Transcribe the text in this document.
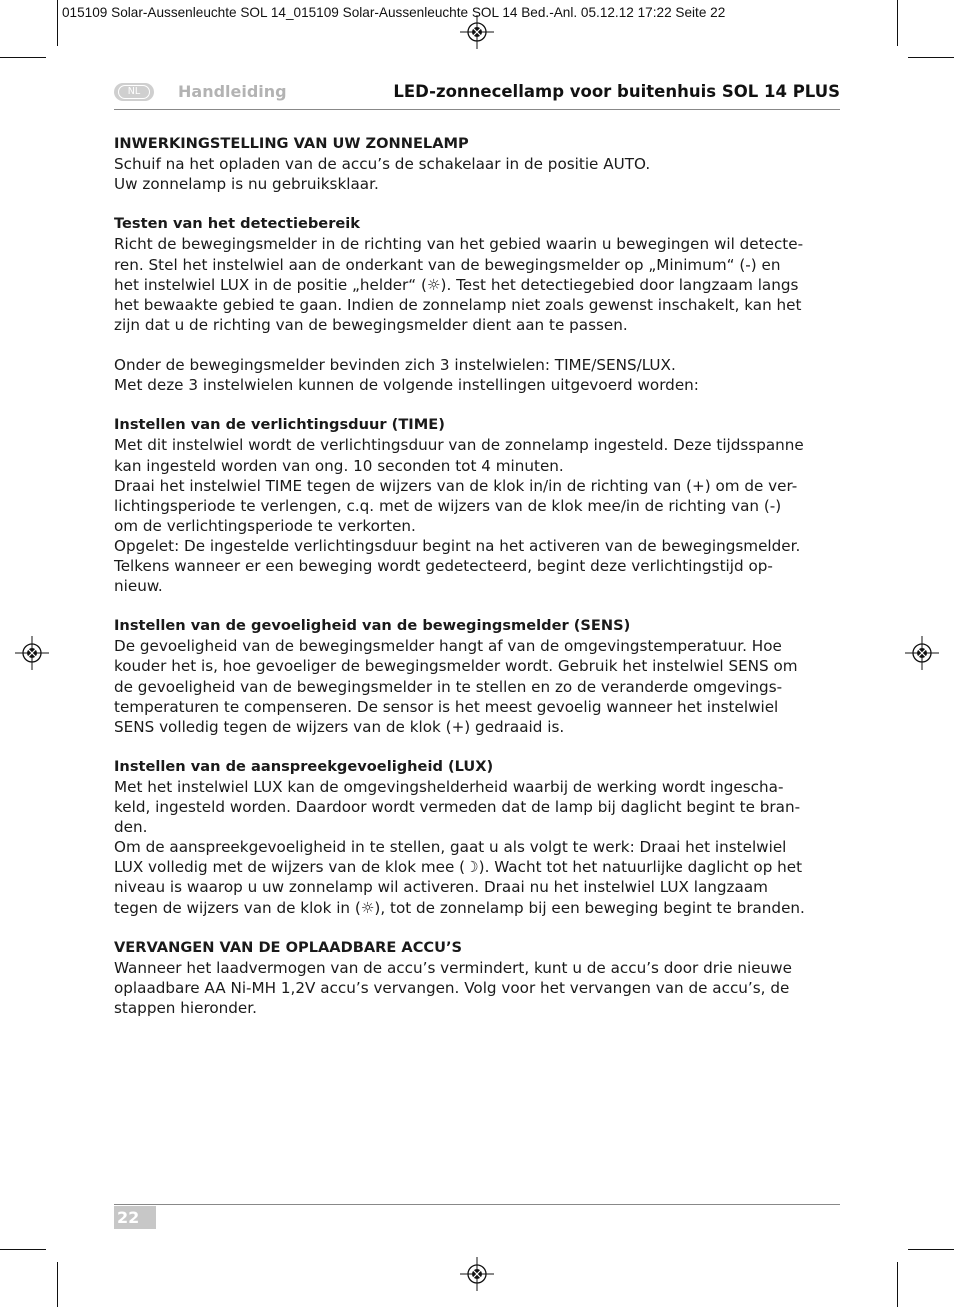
015109 Solar-Aussenleuchte SOL 14_015109 Solar-Aussenleuchte SOL 14 Bed.-Anl. 05.12.12 17:22 Seite 22
NL	Handleiding	LED-zonnecellamp voor buitenhuis SOL 14 PLUS

INWERKINGSTELLING VAN UW ZONNELAMP
Schuif na het opladen van de accu’s de schakelaar in de positie AUTO.
Uw zonnelamp is nu gebruiksklaar.

Testen van het detectiebereik
Richt de bewegingsmelder in de richting van het gebied waarin u bewegingen wil detecte-
ren. Stel het instelwiel aan de onderkant van de bewegingsmelder op „Minimum“ (-) en
het instelwiel LUX in de positie „helder“ (☼). Test het detectiegebied door langzaam langs
het bewaakte gebied te gaan. Indien de zonnelamp niet zoals gewenst inschakelt, kan het
zijn dat u de richting van de bewegingsmelder dient aan te passen.

Onder de bewegingsmelder bevinden zich 3 instelwielen: TIME/SENS/LUX.
Met deze 3 instelwielen kunnen de volgende instellingen uitgevoerd worden:

Instellen van de verlichtingsduur (TIME)
Met dit instelwiel wordt de verlichtingsduur van de zonnelamp ingesteld. Deze tijdsspanne
kan ingesteld worden van ong. 10 seconden tot 4 minuten.
Draai het instelwiel TIME tegen de wijzers van de klok in/in de richting van (+) om de ver-
lichtingsperiode te verlengen, c.q. met de wijzers van de klok mee/in de richting van (-)
om de verlichtingsperiode te verkorten.
Opgelet: De ingestelde verlichtingsduur begint na het activeren van de bewegingsmelder.
Telkens wanneer er een beweging wordt gedetecteerd, begint deze verlichtingstijd op-
nieuw.

Instellen van de gevoeligheid van de bewegingsmelder (SENS)
De gevoeligheid van de bewegingsmelder hangt af van de omgevingstemperatuur. Hoe
kouder het is, hoe gevoeliger de bewegingsmelder wordt. Gebruik het instelwiel SENS om
de gevoeligheid van de bewegingsmelder in te stellen en zo de veranderde omgevings-
temperaturen te compenseren. De sensor is het meest gevoelig wanneer het instelwiel
SENS volledig tegen de wijzers van de klok (+) gedraaid is.

Instellen van de aanspreekgevoeligheid (LUX)
Met het instelwiel LUX kan de omgevingshelderheid waarbij de werking wordt ingescha-
keld, ingesteld worden. Daardoor wordt vermeden dat de lamp bij daglicht begint te bran-
den.
Om de aanspreekgevoeligheid in te stellen, gaat u als volgt te werk: Draai het instelwiel
LUX volledig met de wijzers van de klok mee (☽). Wacht tot het natuurlijke daglicht op het
niveau is waarop u uw zonnelamp wil activeren. Draai nu het instelwiel LUX langzaam
tegen de wijzers van de klok in (☼), tot de zonnelamp bij een beweging begint te branden.

VERVANGEN VAN DE OPLAADBARE ACCU’S
Wanneer het laadvermogen van de accu’s vermindert, kunt u de accu’s door drie nieuwe
oplaadbare AA Ni-MH 1,2V accu’s vervangen. Volg voor het vervangen van de accu’s, de
stappen hieronder.

22
